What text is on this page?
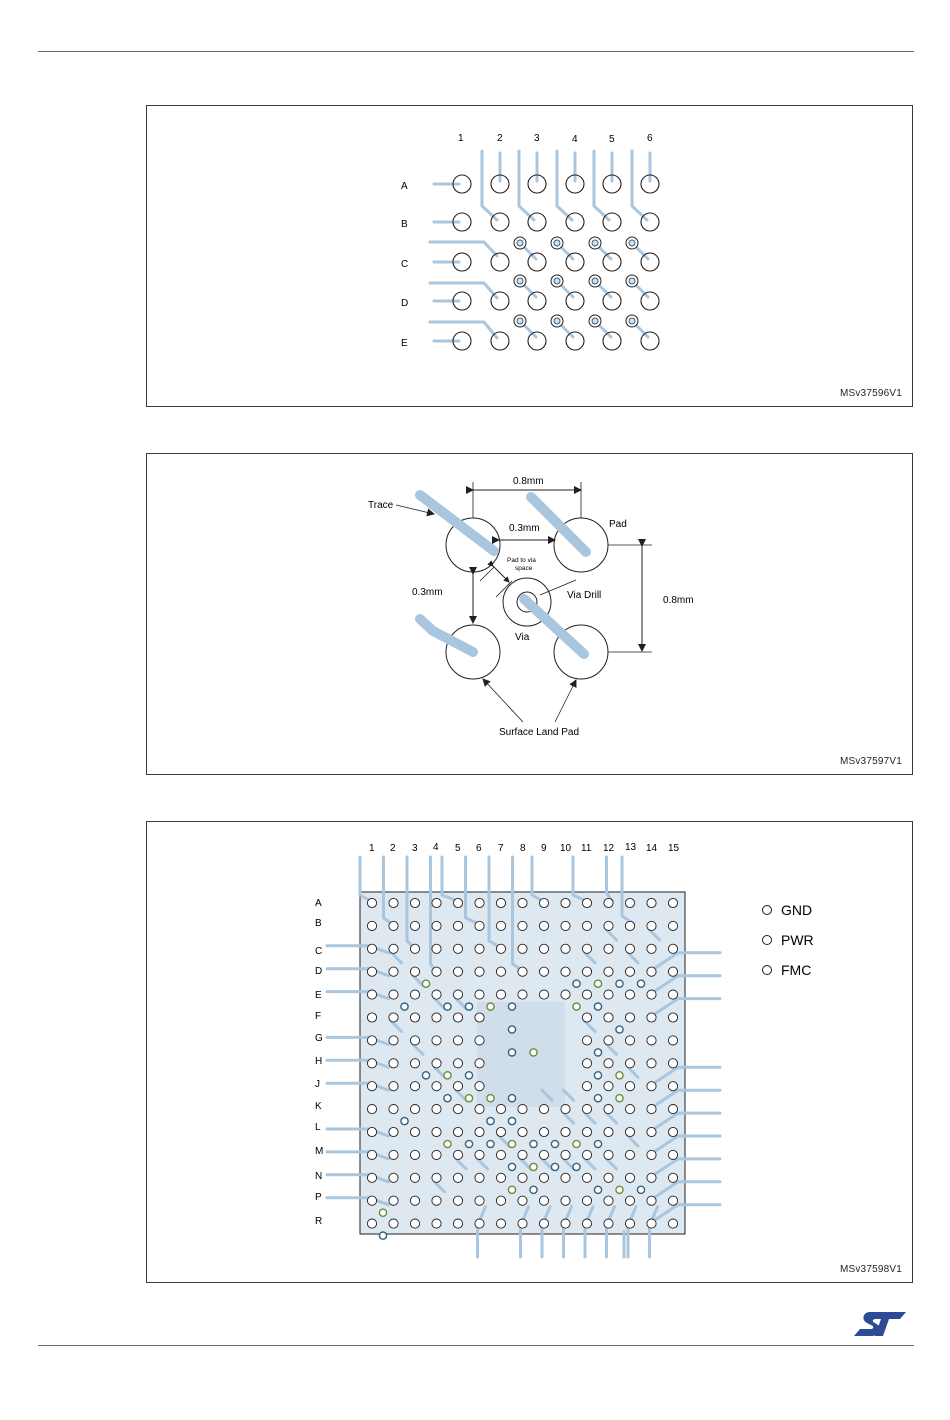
1	2	3	4	5	6
A
B
C
D
E
MSv37596V1
Trace
0.8mm
0.3mm	Pad
Pad to via
space
Via Drill
0.3mm
0.8mm
Via
Surface Land Pad
MSv37597V1
1 2 3 4 5 6 7 8 9 10 11 12 13 14 15
A
B
C
D
E
F
G
H
J
K
L
M
N
P
R
GND
PWR
FMC
MSv37598V1
